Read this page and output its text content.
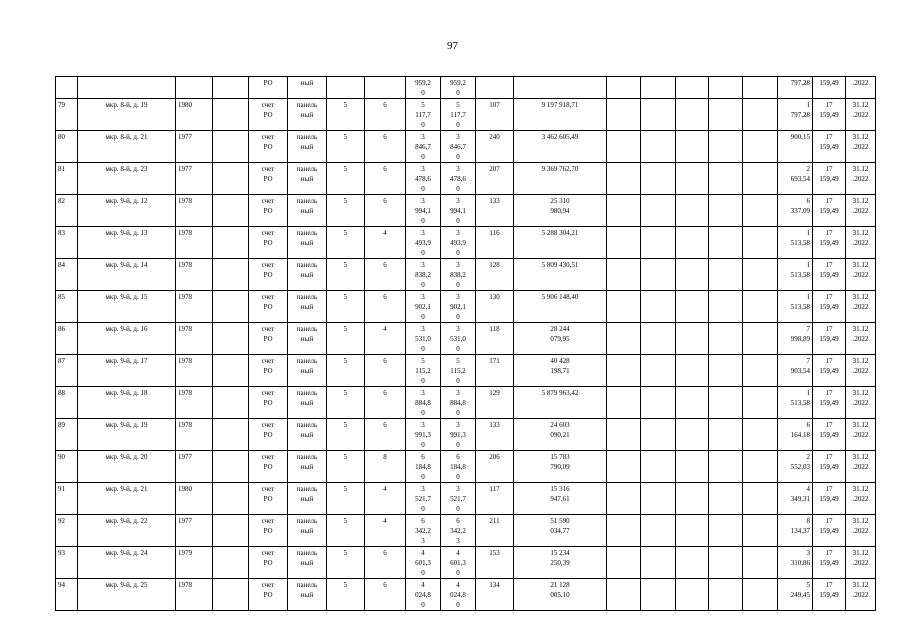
97

				РО	ный			959,2
0	959,2
0								797,28	159,49	.2022

79	мкр. 8-й, д. 19	1980		счет
РО	панель
ный	5	6	5
117,7
0	5
117,7
0	107	9 197 918,71						1
797,28	17
159,49	31.12
.2022

80	мкр. 8-й, д. 21	1977		счет
РО	панель
ный	5	6	3
846,7
0	3
846,7
0	240	3 462 605,49						900,15	17
159,49	31.12
.2022

81	мкр. 8-й, д. 23	1977		счет
РО	панель
ный	5	6	3
478,6
0	3
478,6
0	207	9 369 762,70						2
693,54	17
159,49	31.12
.2022

82	мкр. 9-й, д. 12	1978		счет
РО	панель
ный	5	6	3
994,1
0	3
994,1
0	133	25 310
980,94						6
337,09	17
159,49	31.12
.2022

83	мкр. 9-й, д. 13	1978		счет
РО	панель
ный	5	4	3
493,9
0	3
493,9
0	116	5 288 304,21						1
513,58	17
159,49	31.12
.2022

84	мкр. 9-й, д. 14	1978		счет
РО	панель
ный	5	6	3
838,2
0	3
838,2
0	128	5 809 430,51						1
513,58	17
159,49	31.12
.2022

85	мкр. 9-й, д. 15	1978		счет
РО	панель
ный	5	6	3
902,1
0	3
902,1
0	130	5 906 148,40						1
513,58	17
159,49	31.12
.2022

86	мкр. 9-й, д. 16	1978		счет
РО	панель
ный	5	4	3
531,0
0	3
531,0
0	118	28 244
079,95						7
998,89	17
159,49	31.12
.2022

87	мкр. 9-й, д. 17	1978		счет
РО	панель
ный	5	6	5
115,2
0	5
115,2
0	171	40 428
198,71						7
903,54	17
159,49	31.12
.2022

88	мкр. 9-й, д. 18	1978		счет
РО	панель
ный	5	6	3
884,8
0	3
884,8
0	129	5 879 963,42						1
513,58	17
159,49	31.12
.2022

89	мкр. 9-й, д. 19	1978		счет
РО	панель
ный	5	6	3
991,3
0	3
991,3
0	133	24 603
090,21						6
164,18	17
159,49	31.12
.2022

90	мкр. 9-й, д. 20	1977		счет
РО	панель
ный	5	8	6
184,8
0	6
184,8
0	206	15 783
790,09						2
552,03	17
159,49	31.12
.2022

91	мкр. 9-й, д. 21	1980		счет
РО	панель
ный	5	4	3
521,7
0	3
521,7
0	117	15 316
947,61						4
349,31	17
159,49	31.12
.2022

92	мкр. 9-й, д. 22	1977		счет
РО	панель
ный	5	4	6
342,2
3	6
342,2
3	211	51 590
034,77						8
134,37	17
159,49	31.12
.2022

93	мкр. 9-й, д. 24	1979		счет
РО	панель
ный	5	6	4
601,3
0	4
601,3
0	153	15 234
250,39						3
310,86	17
159,49	31.12
.2022

94	мкр. 9-й, д. 25	1978		счет
РО	панель
ный	5	6	4
024,8
0	4
024,8
0	134	21 128
005,10						5
249,45	17
159,49	31.12
.2022
